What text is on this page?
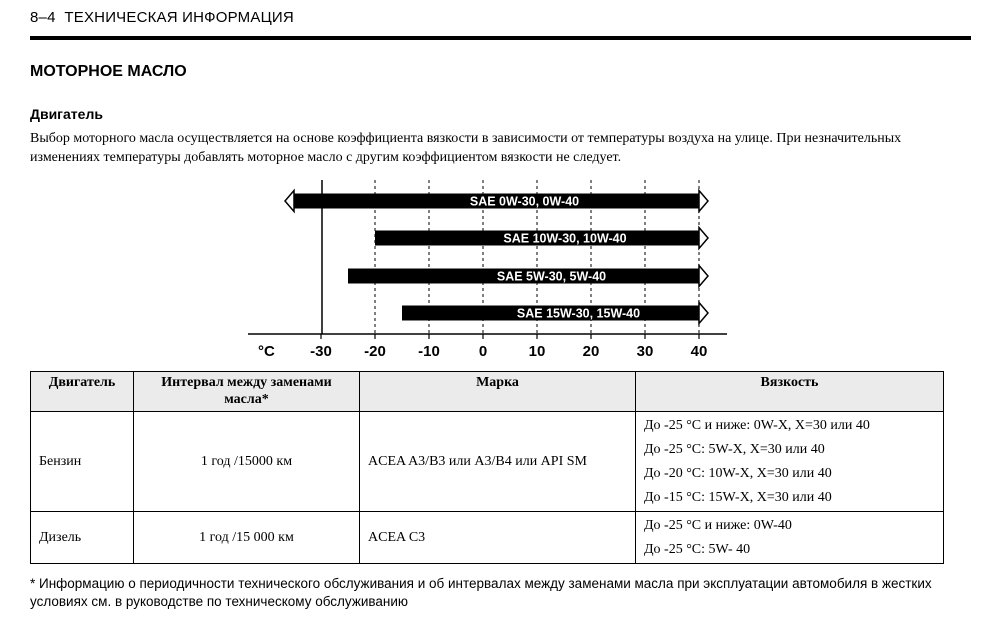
8–4 ТЕХНИЧЕСКАЯ ИНФОРМАЦИЯ
МОТОРНОЕ МАСЛО
Двигатель
Выбор моторного масла осуществляется на основе коэффициента вязкости в зависимости от температуры воздуха на улице. При незначительных
изменениях температуры добавлять моторное масло с другим коэффициентом вязкости не следует.
SAE 0W-30, 0W-40
SAE 10W-30, 10W-40
SAE 5W-30, 5W-40
SAE 15W-30, 15W-40
-30 -20 -10	0	10 20 30 40
°C
Двигатель	Интервал между заменами масла*	Марка	Вязкость
Бензин	1 год /15000 км	ACEA A3/B3 или A3/B4 или API SM	До -25 °C и ниже: 0W-X, X=30 или 40
До -25 °C: 5W-X, X=30 или 40
До -20 °C: 10W-X, X=30 или 40
До -15 °C: 15W-X, X=30 или 40

Дизель	1 год /15 000 км	ACEA C3	До -25 °C и ниже: 0W-40
До -25 °C: 5W- 40
* Информацию о периодичности технического обслуживания и об интервалах между заменами масла при эксплуатации автомобиля в жестких
условиях см. в руководстве по техническому обслуживанию
